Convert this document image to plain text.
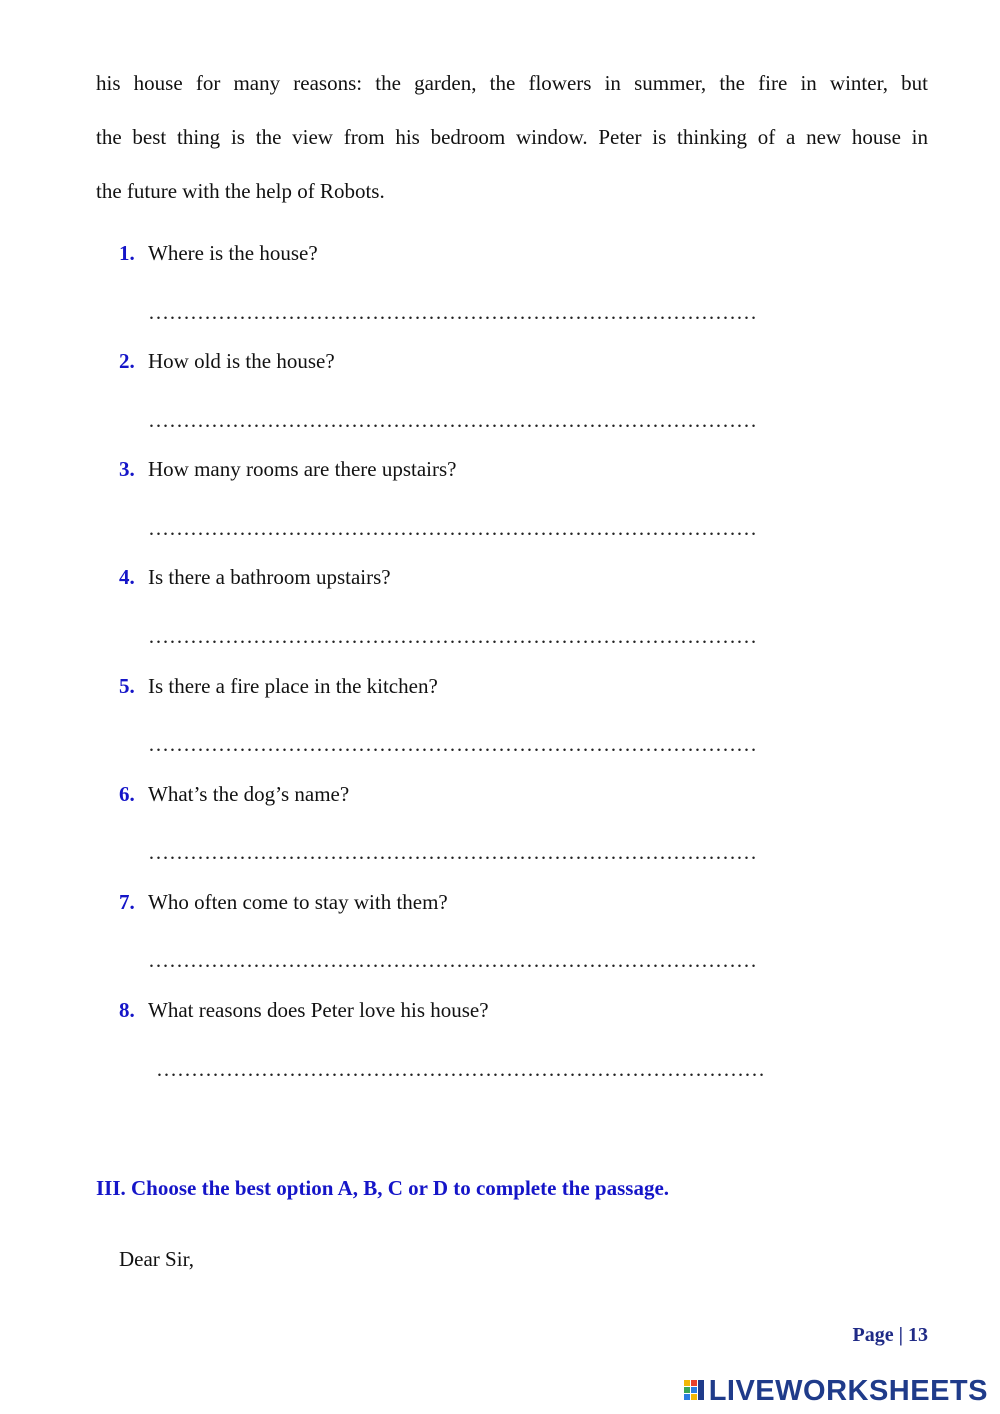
his house for many reasons: the garden, the flowers in summer, the fire in winter, but
the best thing is the view from his bedroom window. Peter is thinking of a new house in
the future with the help of Robots.
1. Where is the house?
……………………………………………………………………………
2. How old is the house?
……………………………………………………………………………
3. How many rooms are there upstairs?
……………………………………………………………………………
4. Is there a bathroom upstairs?
……………………………………………………………………………
5. Is there a fire place in the kitchen?
……………………………………………………………………………
6. What’s the dog’s name?
……………………………………………………………………………
7. Who often come to stay with them?
……………………………………………………………………………
8. What reasons does Peter love his house?
……………………………………………………………………………
III. Choose the best option A, B, C or D to complete the passage.
Dear Sir,
Page | 13
LIVEWORKSHEETS
